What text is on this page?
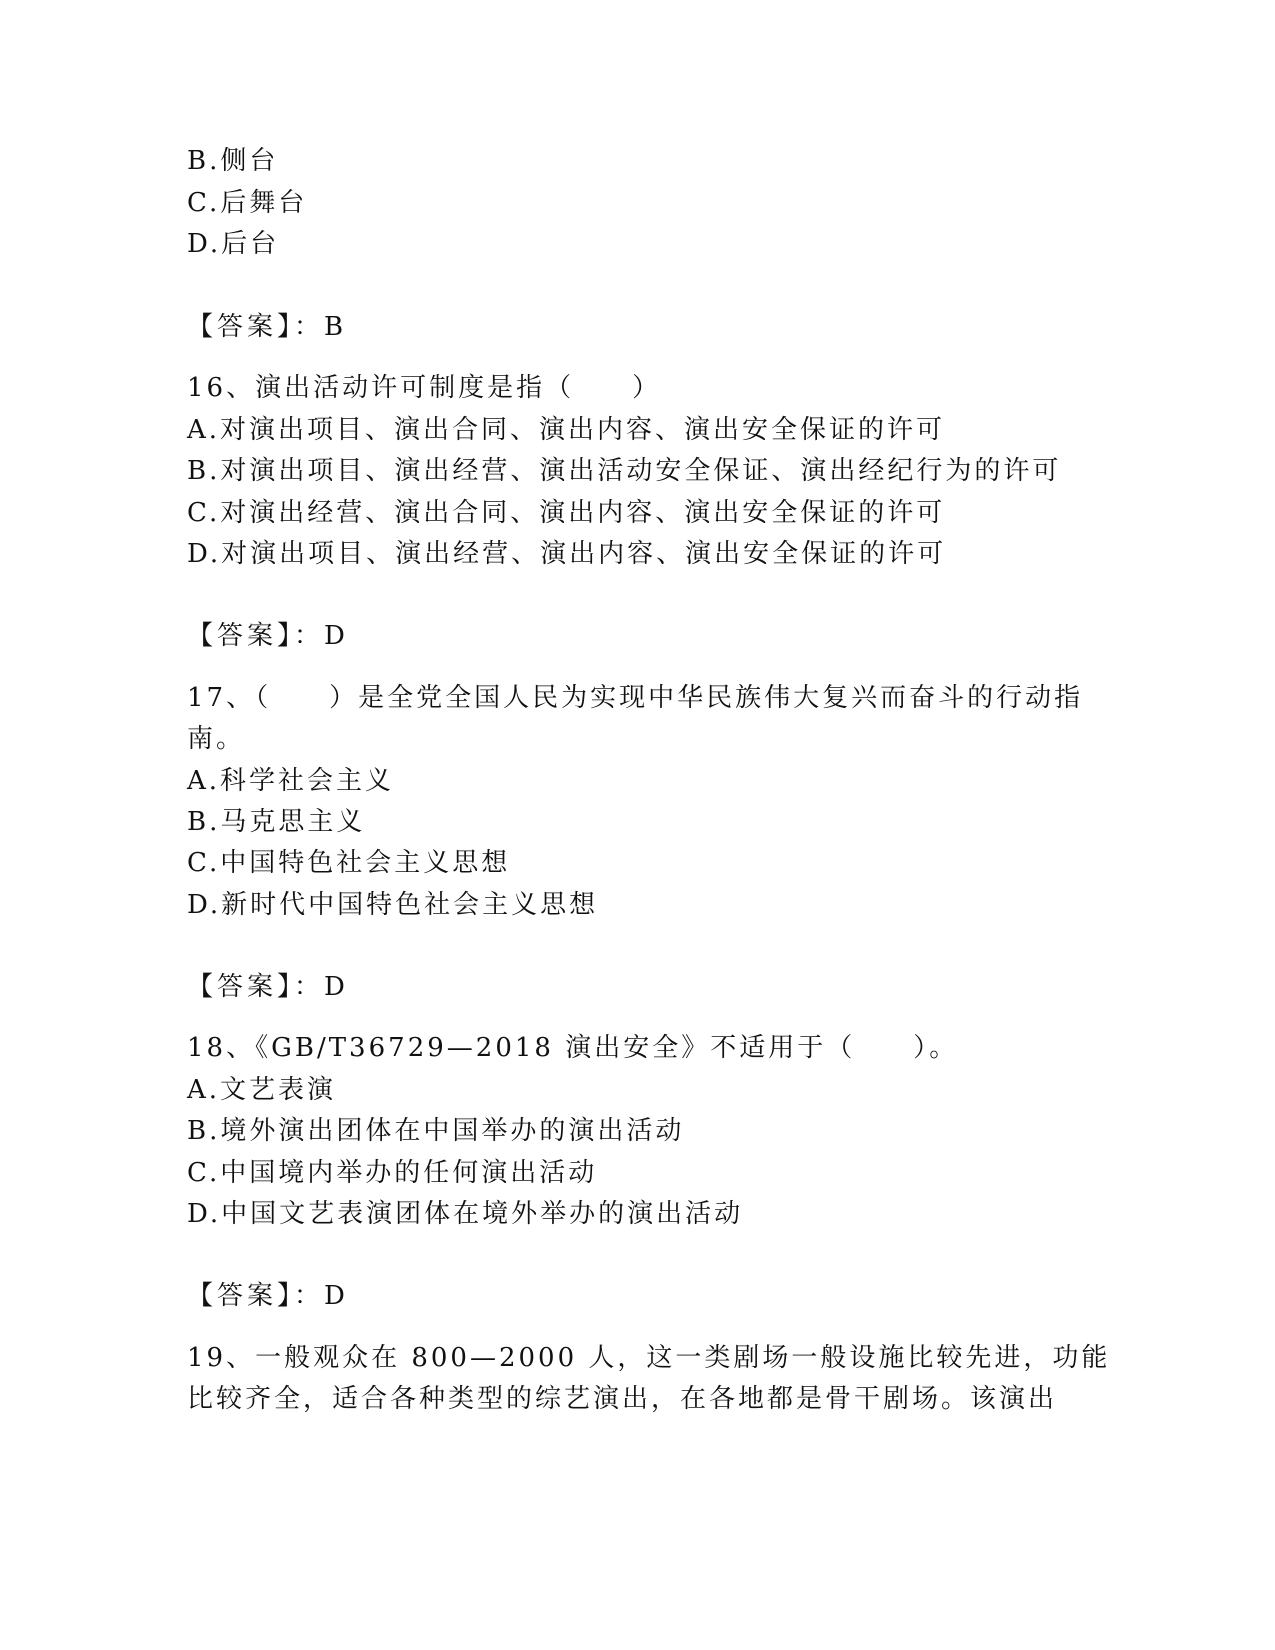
B.侧台
C.后舞台
D.后台
【答案】：B
16、演出活动许可制度是指（　　）
A.对演出项目、演出合同、演出内容、演出安全保证的许可
B.对演出项目、演出经营、演出活动安全保证、演出经纪行为的许可
C.对演出经营、演出合同、演出内容、演出安全保证的许可
D.对演出项目、演出经营、演出内容、演出安全保证的许可
【答案】：D
17、（　　）是全党全国人民为实现中华民族伟大复兴而奋斗的行动指
南。
A.科学社会主义
B.马克思主义
C.中国特色社会主义思想
D.新时代中国特色社会主义思想
【答案】：D
18、《GB/T36729—2018 演出安全》不适用于（　　）。
A.文艺表演
B.境外演出团体在中国举办的演出活动
C.中国境内举办的任何演出活动
D.中国文艺表演团体在境外举办的演出活动
【答案】：D
19、一般观众在 800—2000 人，这一类剧场一般设施比较先进，功能
比较齐全，适合各种类型的综艺演出，在各地都是骨干剧场。该演出
